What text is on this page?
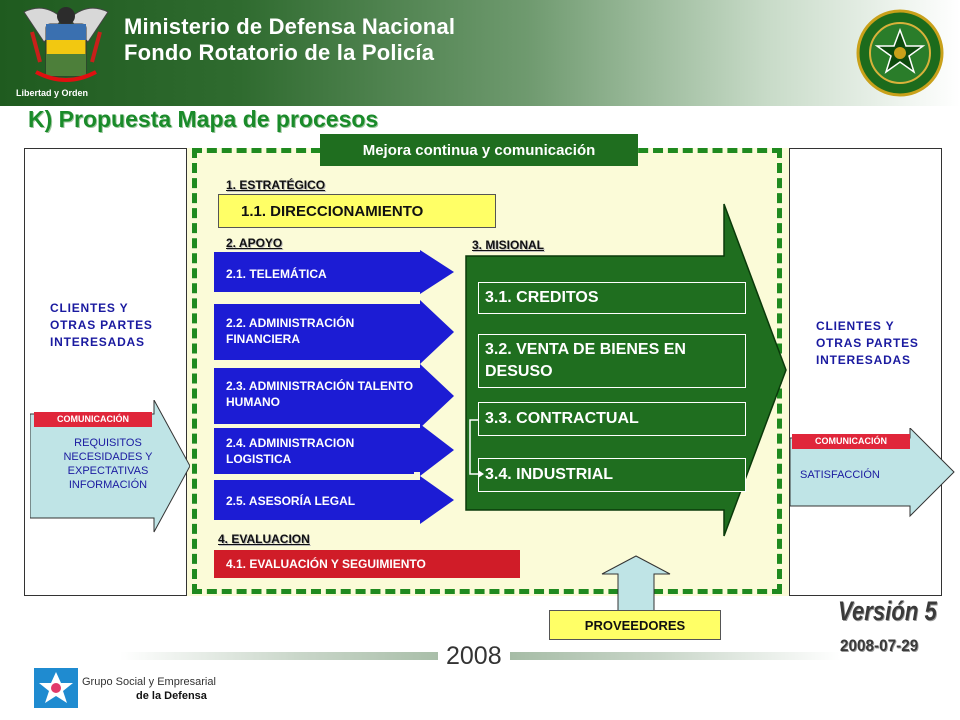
Libertad y Orden
Ministerio de Defensa Nacional
Fondo Rotatorio de la Policía
K) Propuesta Mapa de procesos
Mejora continua y comunicación
1. ESTRATÉGICO
1.1. DIRECCIONAMIENTO
2. APOYO	3. MISIONAL
2.1. TELEMÁTICA
2.2. ADMINISTRACIÓN FINANCIERA
2.3. ADMINISTRACIÓN TALENTO HUMANO
2.4. ADMINISTRACION LOGISTICA
2.5. ASESORÍA LEGAL
3.1. CREDITOS
3.2. VENTA DE BIENES EN DESUSO
3.3. CONTRACTUAL
3.4. INDUSTRIAL
4. EVALUACION
4.1. EVALUACIÓN Y SEGUIMIENTO
CLIENTES Y OTRAS PARTES INTERESADAS
COMUNICACIÓN
REQUISITOS
NECESIDADES Y
EXPECTATIVAS
INFORMACIÓN
CLIENTES Y OTRAS PARTES INTERESADAS
COMUNICACIÓN
SATISFACCIÓN
PROVEEDORES	Versión 5
2008-07-29
2008
Grupo Social y Empresarial
de la Defensa
